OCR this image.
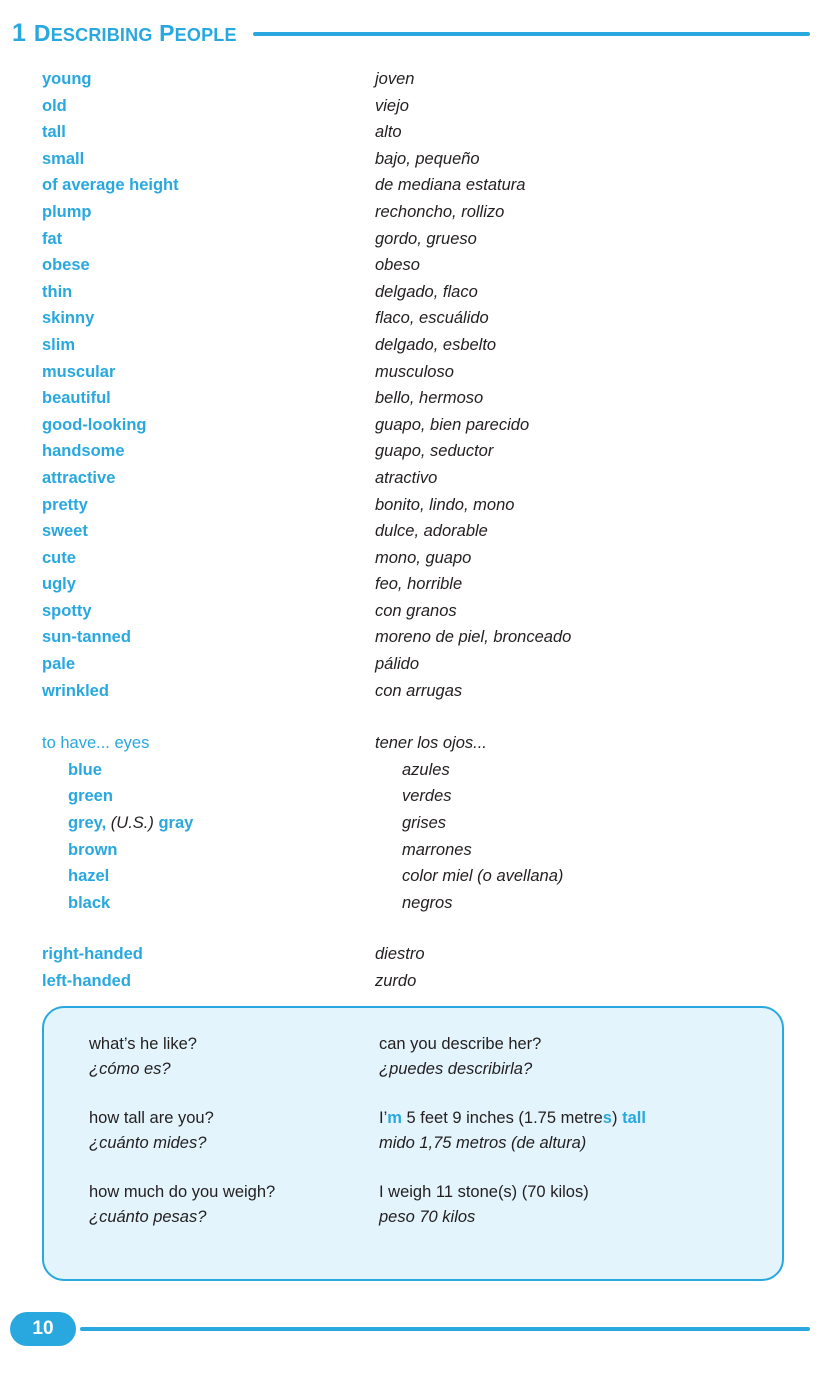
1 DESCRIBING PEOPLE
young	joven
old	viejo
tall	alto
small	bajo, pequeño
of average height	de mediana estatura
plump	rechoncho, rollizo
fat	gordo, grueso
obese	obeso
thin	delgado, flaco
skinny	flaco, escuálido
slim	delgado, esbelto
muscular	musculoso
beautiful	bello, hermoso
good-looking	guapo, bien parecido
handsome	guapo, seductor
attractive	atractivo
pretty	bonito, lindo, mono
sweet	dulce, adorable
cute	mono, guapo
ugly	feo, horrible
spotty	con granos
sun-tanned	moreno de piel, bronceado
pale	pálido
wrinkled	con arrugas
to have... eyes	tener los ojos...
blue	azules
green	verdes
grey, (U.S.) gray	grises
brown	marrones
hazel	color miel (o avellana)
black	negros
right-handed	diestro
left-handed	zurdo
what’s he like?
¿cómo es?
can you describe her?
¿puedes describirla?
how tall are you?
¿cuánto mides?
I’m 5 feet 9 inches (1.75 metres) tall
mido 1,75 metros (de altura)
how much do you weigh?
¿cuánto pesas?
I weigh 11 stone(s) (70 kilos)
peso 70 kilos
10
